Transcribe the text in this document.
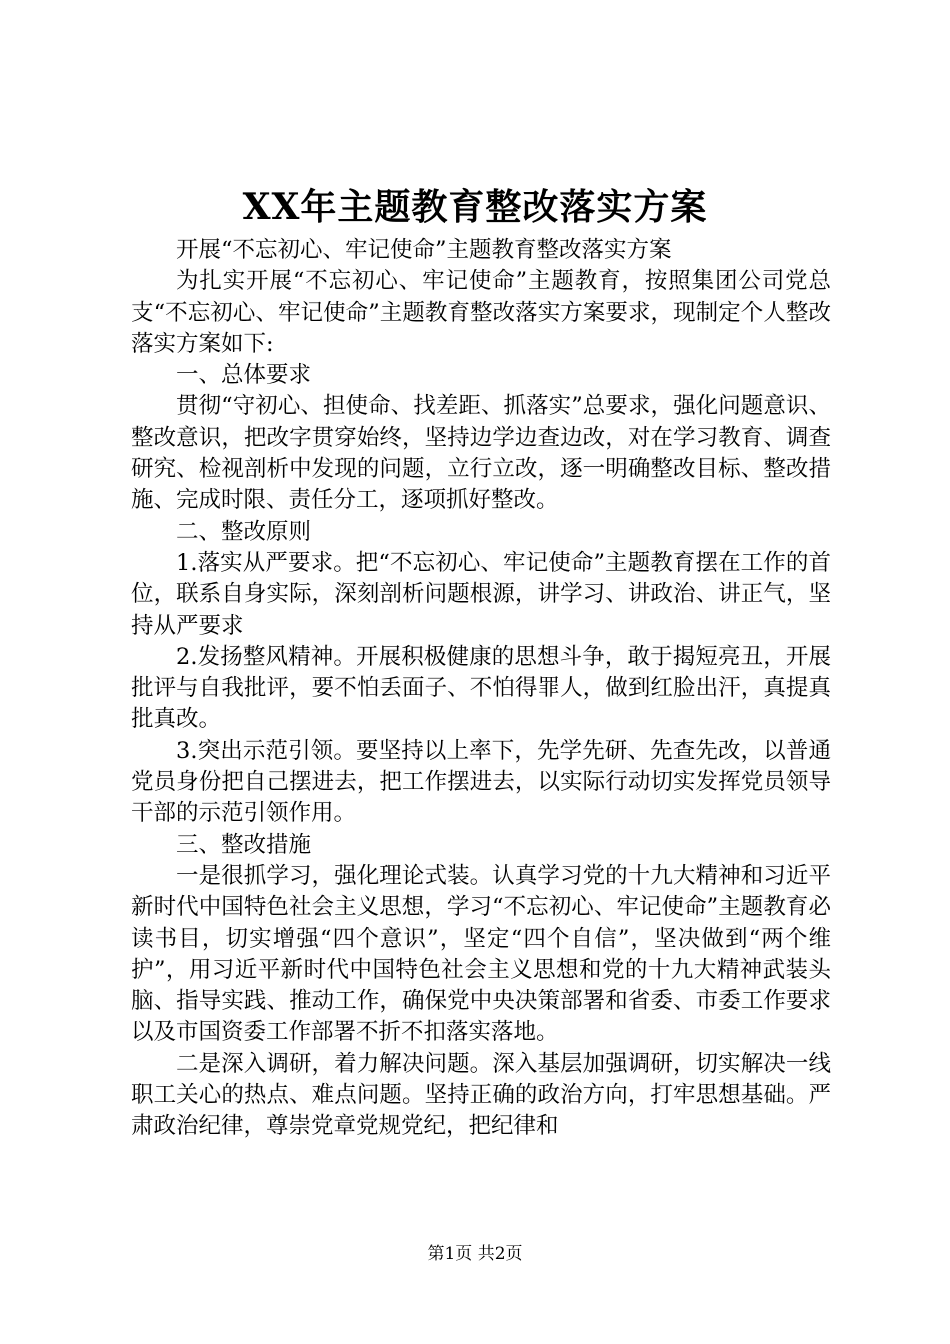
XX年主题教育整改落实方案

开展“不忘初心、牢记使命”主题教育整改落实方案

为扎实开展“不忘初心、牢记使命”主题教育，按照集团公司党总支“不忘初心、牢记使命”主题教育整改落实方案要求，现制定个人整改落实方案如下:

一、总体要求

贯彻“守初心、担使命、找差距、抓落实”总要求，强化问题意识、整改意识，把改字贯穿始终，坚持边学边查边改，对在学习教育、调查研究、检视剖析中发现的问题，立行立改，逐一明确整改目标、整改措施、完成时限、责任分工，逐项抓好整改。

二、整改原则

1.落实从严要求。把“不忘初心、牢记使命”主题教育摆在工作的首位，联系自身实际，深刻剖析问题根源，讲学习、讲政治、讲正气，坚持从严要求

2.发扬整风精神。开展积极健康的思想斗争，敢于揭短亮丑，开展批评与自我批评，要不怕丢面子、不怕得罪人，做到红脸出汗，真提真批真改。

3.突出示范引领。要坚持以上率下，先学先研、先查先改，以普通党员身份把自己摆进去，把工作摆进去，以实际行动切实发挥党员领导干部的示范引领作用。

三、整改措施

一是很抓学习，强化理论式装。认真学习党的十九大精神和习近平新时代中国特色社会主义思想，学习“不忘初心、牢记使命”主题教育必读书目，切实增强“四个意识”，坚定“四个自信”，坚决做到“两个维护”，用习近平新时代中国特色社会主义思想和党的十九大精神武装头脑、指导实践、推动工作，确保党中央决策部署和省委、市委工作要求以及市国资委工作部署不折不扣落实落地。

二是深入调研，着力解决问题。深入基层加强调研，切实解决一线职工关心的热点、难点问题。坚持正确的政治方向，打牢思想基础。严肃政治纪律，尊崇党章党规党纪，把纪律和

第1页 共2页
